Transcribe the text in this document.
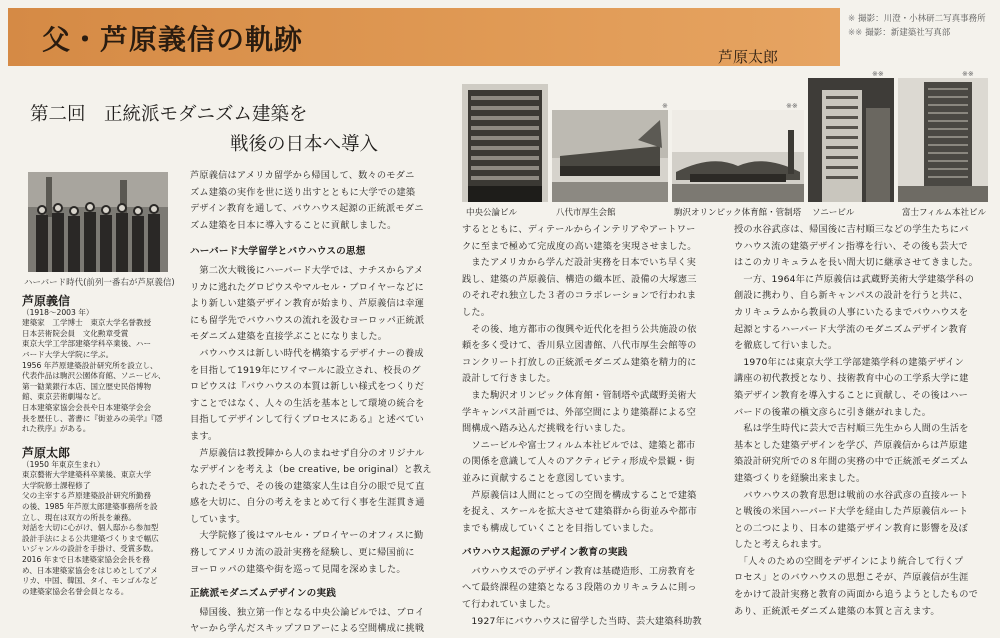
父・芦原義信の軌跡
芦原太郎
※ 撮影：川澄・小林研二写真事務所
※※ 撮影：新建築社写真部
第二回　正統派モダニズム建築を
戦後の日本へ導入
ハーバード時代(前列一番右が芦原義信)
芦原義信
（1918～2003 年）
建築家　工学博士　東京大学名誉教授
日本芸術院会員　文化勲章受賞
東京大学工学部建築学科卒業後、ハー
バード大学大学院に学ぶ。
1956 年芦原建築設計研究所を設立し、
代表作品は駒沢公園体育館、ソニービル、
第一勧業銀行本店、国立歴史民俗博物
館、東京芸術劇場など。
日本建築家協会会長や日本建築学会会
長を歴任し、著書に『街並みの美学』『隠
れた秩序』がある。
芦原太郎
（1950 年東京生まれ）
東京藝術大学建築科卒業後、東京大学
大学院修士課程修了
父の主宰する芦原建築設計研究所勤務
の後、1985 年芦原太郎建築事務所を設
立し、現在は双方の所長を兼務。
対話を大切に心がけ、個人邸から参加型
設計手法による公共建築づくりまで幅広
いジャンルの設計を手掛け、受賞多数。
2016 年まで日本建築家協会会長を務
め、日本建築家協会をはじめとしてアメ
リカ、中国、韓国、タイ、モンゴルなど
の建築家協会名誉会員となる。
芦原義信はアメリカ留学から帰国して、数々のモダニ
ズム建築の実作を世に送り出すとともに大学での建築
デザイン教育を通して、バウハウス起源の正統派モダニ
ズム建築を日本に導入することに貢献しました。
ハーバード大学留学とバウハウスの思想
　第二次大戦後にハーバード大学では、ナチスからアメ
リカに逃れたグロピウスやマルセル・ブロイヤーなどに
より新しい建築デザイン教育が始まり、芦原義信は幸運
にも留学先でバウハウスの流れを汲むヨーロッパ正統派
モダニズム建築を直接学ぶことになりました。
　バウハウスは新しい時代を構築するデザイナーの養成
を目指して1919年にワイマールに設立され、校長のグ
ロピウスは『バウハウスの本質は新しい様式をつくりだ
すことではなく、人々の生活を基本として環境の統合を
目指してデザインして行くプロセスにある』と述べてい
ます。
　芦原義信は教授陣から人のまねせず自分のオリジナル
なデザインを考えよ（be creative, be original）と教え
られたそうで、その後の建築家人生は自分の眼で見て直
感を大切に、自分の考えをまとめて行く事を生涯貫き通
しています。
　大学院修了後はマルセル・ブロイヤーのオフィスに勤
務してアメリカ流の設計実務を経験し、更に帰国前に
ヨーロッパの建築や街を巡って見聞を深めました。
正統派モダニズムデザインの実践
　帰国後、独立第一作となる中央公論ビルでは、ブロイ
ヤーから学んだスキップフロアーによる空間構成に挑戦
中央公論ビル	八代市厚生会館
※
駒沢オリンピック体育館・管制塔
※※
ソニービル
※※
富士フィルム本社ビル
※※
するとともに、ディテールからインテリアやアートワー
クに至まで極めて完成度の高い建築を実現させました。
　またアメリカから学んだ設計実務を日本でいち早く実
践し、建築の芦原義信、構造の織本匠、設備の大塚憲三
のそれぞれ独立した３者のコラボレーションで行われま
した。
　その後、地方都市の復興や近代化を担う公共施設の依
頼を多く受けて、香川県立図書館、八代市厚生会館等の
コンクリート打放しの正統派モダニズム建築を精力的に
設計して行きました。
　また駒沢オリンピック体育館・管制塔や武蔵野美術大
学キャンパス計画では、外部空間により建築群による空
間構成へ踏み込んだ挑戦を行いました。
　ソニービルや富士フィルム本社ビルでは、建築と都市
の関係を意識して人々のアクティビティ形成や景観・街
並みに貢献することを意図しています。
　芦原義信は人間にとっての空間を構成することで建築
を捉え、スケールを拡大させて建築群から街並みや都市
までも構成していくことを目指していました。
バウハウス起源のデザイン教育の実践
　バウハウスでのデザイン教育は基礎造形、工房教育を
へて最終課程の建築となる３段階のカリキュラムに則っ
て行われていました。
　1927年にバウハウスに留学した当時、芸大建築科助教
授の水谷武彦は、帰国後に吉村順三などの学生たちにバ
ウハウス流の建築デザイン指導を行い、その後も芸大で
はこのカリキュラムを長い間大切に継承させてきました。
　一方、1964年に芦原義信は武蔵野美術大学建築学科の
創設に携わり、自ら新キャンパスの設計を行うと共に、
カリキュラムから教員の人事にいたるまでバウハウスを
起源とするハーバード大学流のモダニズムデザイン教育
を徹底して行いました。
　1970年には東京大学工学部建築学科の建築デザイン
講座の初代教授となり、技術教育中心の工学系大学に建
築デザイン教育を導入することに貢献し、その後はハー
バードの後輩の槇文彦らに引き継がれました。
　私は学生時代に芸大で吉村順三先生から人間の生活を
基本とした建築デザインを学び、芦原義信からは芦原建
築設計研究所での８年間の実務の中で正統派モダニズム
建築づくりを経験出来ました。
　バウハウスの教育思想は戦前の水谷武彦の直接ルート
と戦後の米国ハーバード大学を経由した芦原義信ルート
との二つにより、日本の建築デザイン教育に影響を及ぼ
したと考えられます。
　「人々のための空間をデザインにより統合して行くプ
ロセス」とのバウハウスの思想こそが、芦原義信が生涯
をかけて設計実務と教育の両面から追うようとしたもので
あり、正統派モダニズム建築の本質と言えます。
